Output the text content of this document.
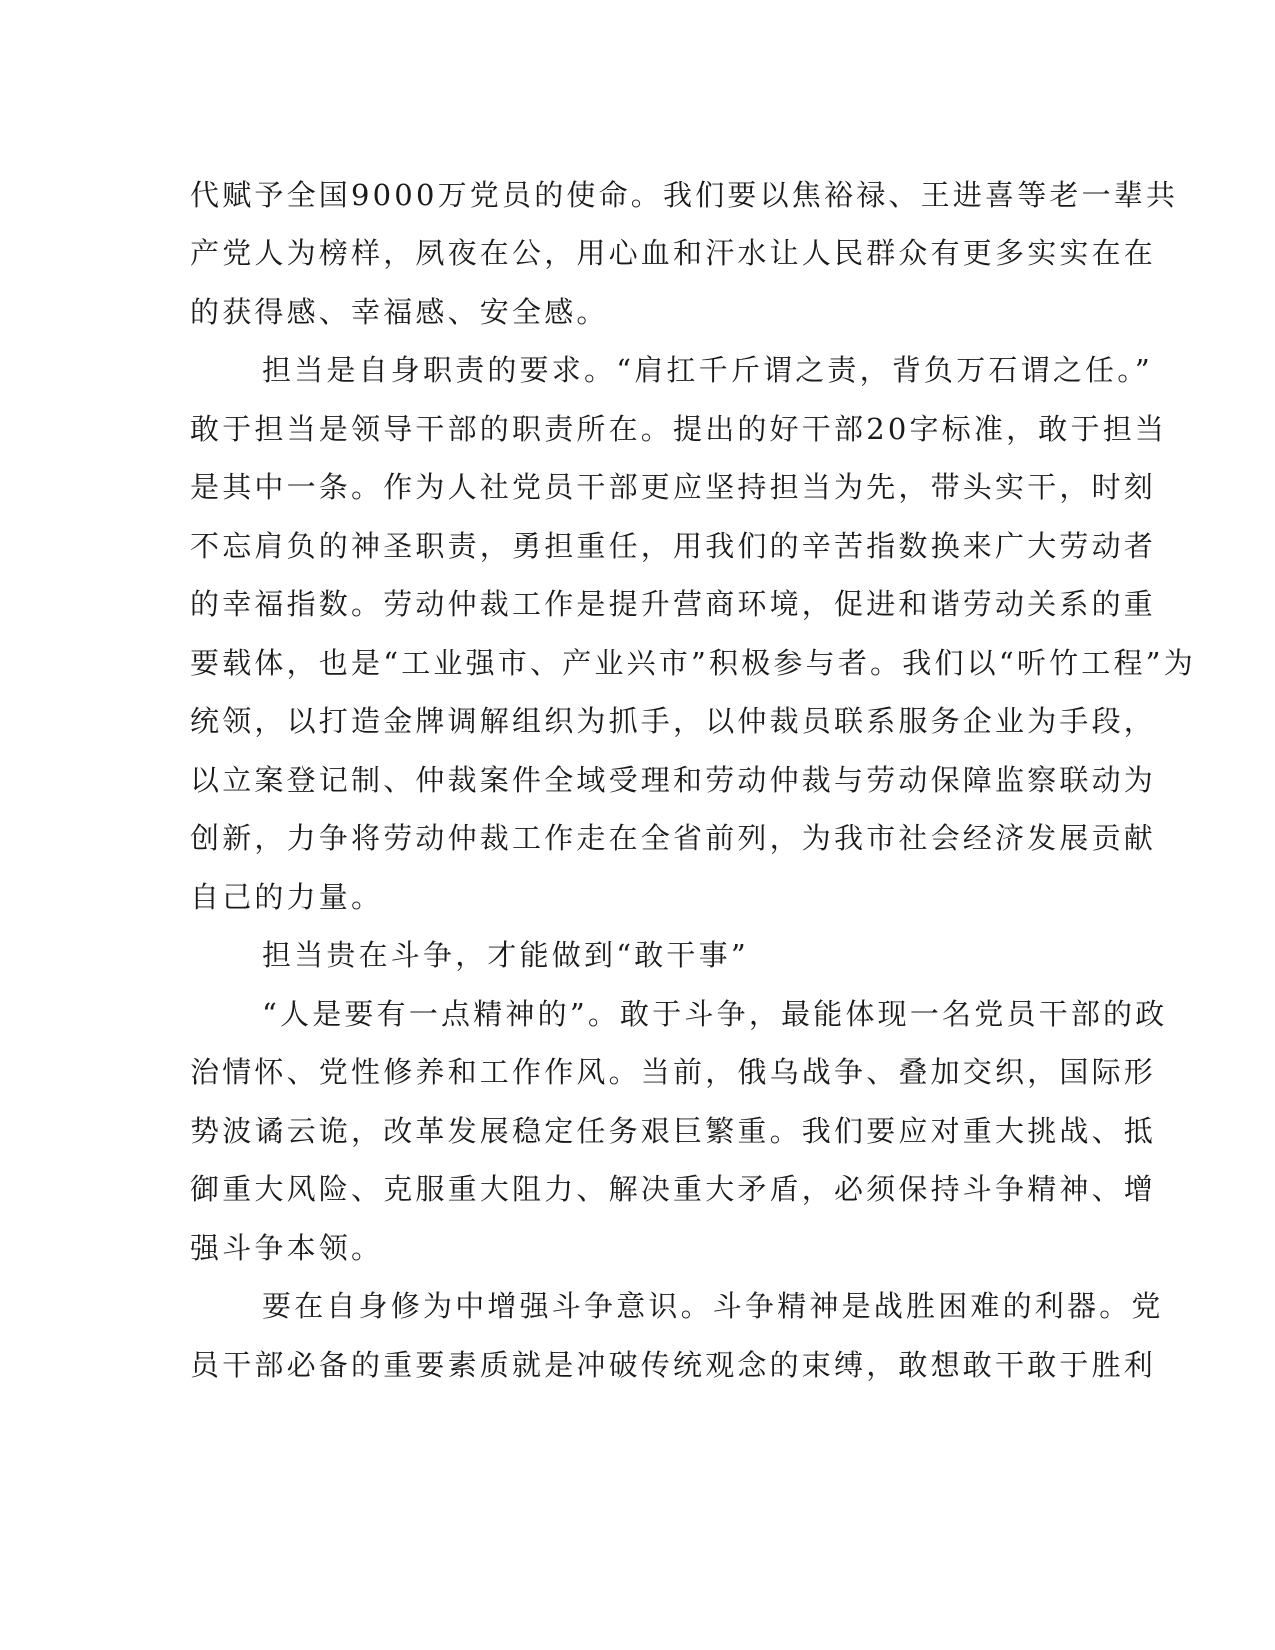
代赋予全国9000万党员的使命。我们要以焦裕禄、王进喜等老一辈共
产党人为榜样，夙夜在公，用心血和汗水让人民群众有更多实实在在
的获得感、幸福感、安全感。
担当是自身职责的要求。“肩扛千斤谓之责，背负万石谓之任。”
敢于担当是领导干部的职责所在。提出的好干部20字标准，敢于担当
是其中一条。作为人社党员干部更应坚持担当为先，带头实干，时刻
不忘肩负的神圣职责，勇担重任，用我们的辛苦指数换来广大劳动者
的幸福指数。劳动仲裁工作是提升营商环境，促进和谐劳动关系的重
要载体，也是“工业强市、产业兴市”积极参与者。我们以“听竹工程”为
统领，以打造金牌调解组织为抓手，以仲裁员联系服务企业为手段，
以立案登记制、仲裁案件全域受理和劳动仲裁与劳动保障监察联动为
创新，力争将劳动仲裁工作走在全省前列，为我市社会经济发展贡献
自己的力量。
担当贵在斗争，才能做到“敢干事”
“人是要有一点精神的”。敢于斗争，最能体现一名党员干部的政
治情怀、党性修养和工作作风。当前，俄乌战争、叠加交织，国际形
势波谲云诡，改革发展稳定任务艰巨繁重。我们要应对重大挑战、抵
御重大风险、克服重大阻力、解决重大矛盾，必须保持斗争精神、增
强斗争本领。
要在自身修为中增强斗争意识。斗争精神是战胜困难的利器。党
员干部必备的重要素质就是冲破传统观念的束缚，敢想敢干敢于胜利
